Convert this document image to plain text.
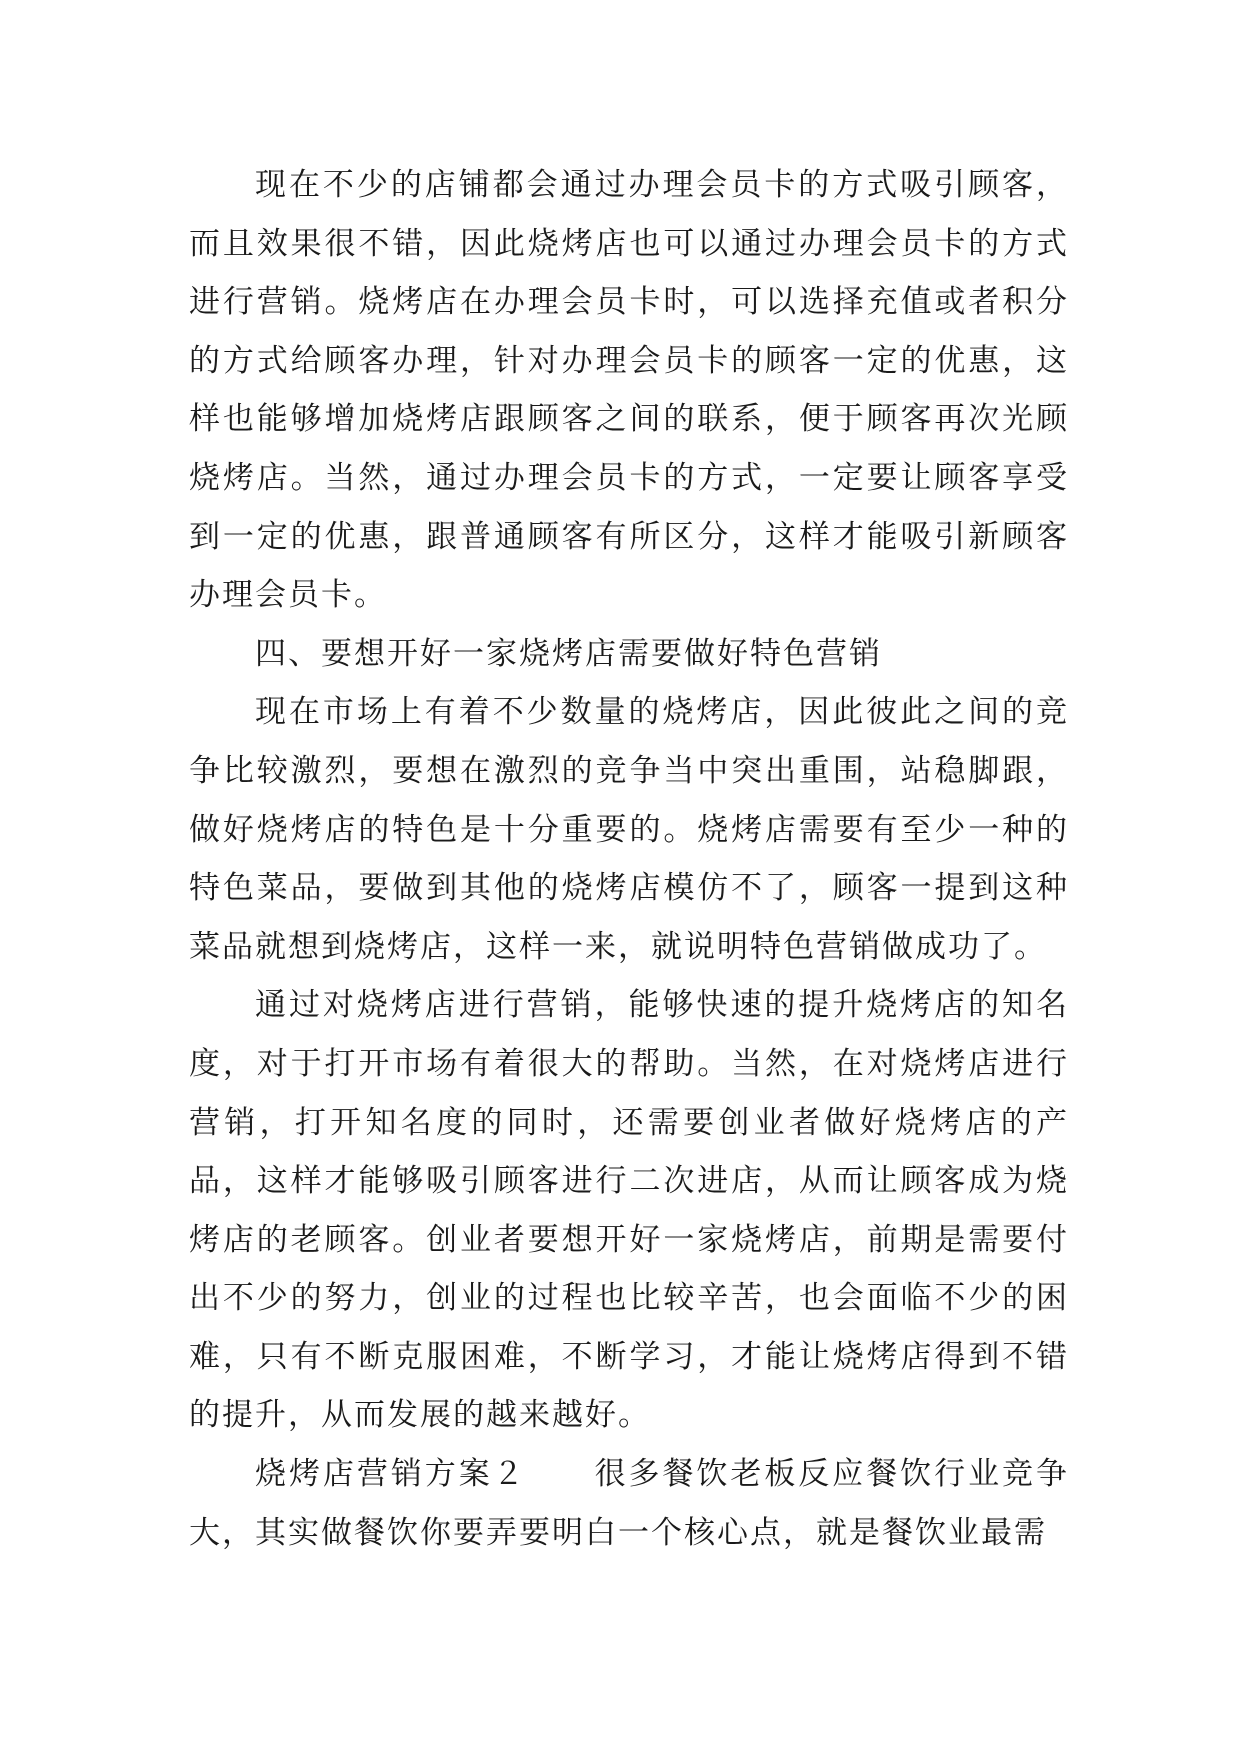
现在不少的店铺都会通过办理会员卡的方式吸引顾客，而且效果很不错，因此烧烤店也可以通过办理会员卡的方式进行营销。烧烤店在办理会员卡时，可以选择充值或者积分的方式给顾客办理，针对办理会员卡的顾客一定的优惠，这样也能够增加烧烤店跟顾客之间的联系，便于顾客再次光顾烧烤店。当然，通过办理会员卡的方式，一定要让顾客享受到一定的优惠，跟普通顾客有所区分，这样才能吸引新顾客办理会员卡。

四、要想开好一家烧烤店需要做好特色营销

现在市场上有着不少数量的烧烤店，因此彼此之间的竞争比较激烈，要想在激烈的竞争当中突出重围，站稳脚跟，做好烧烤店的特色是十分重要的。烧烤店需要有至少一种的特色菜品，要做到其他的烧烤店模仿不了，顾客一提到这种菜品就想到烧烤店，这样一来，就说明特色营销做成功了。

通过对烧烤店进行营销，能够快速的提升烧烤店的知名度，对于打开市场有着很大的帮助。当然，在对烧烤店进行营销，打开知名度的同时，还需要创业者做好烧烤店的产品，这样才能够吸引顾客进行二次进店，从而让顾客成为烧烤店的老顾客。创业者要想开好一家烧烤店，前期是需要付出不少的努力，创业的过程也比较辛苦，也会面临不少的困难，只有不断克服困难，不断学习，才能让烧烤店得到不错的提升，从而发展的越来越好。

烧烤店营销方案２　　很多餐饮老板反应餐饮行业竞争大，其实做餐饮你要弄要明白一个核心点，就是餐饮业最需
